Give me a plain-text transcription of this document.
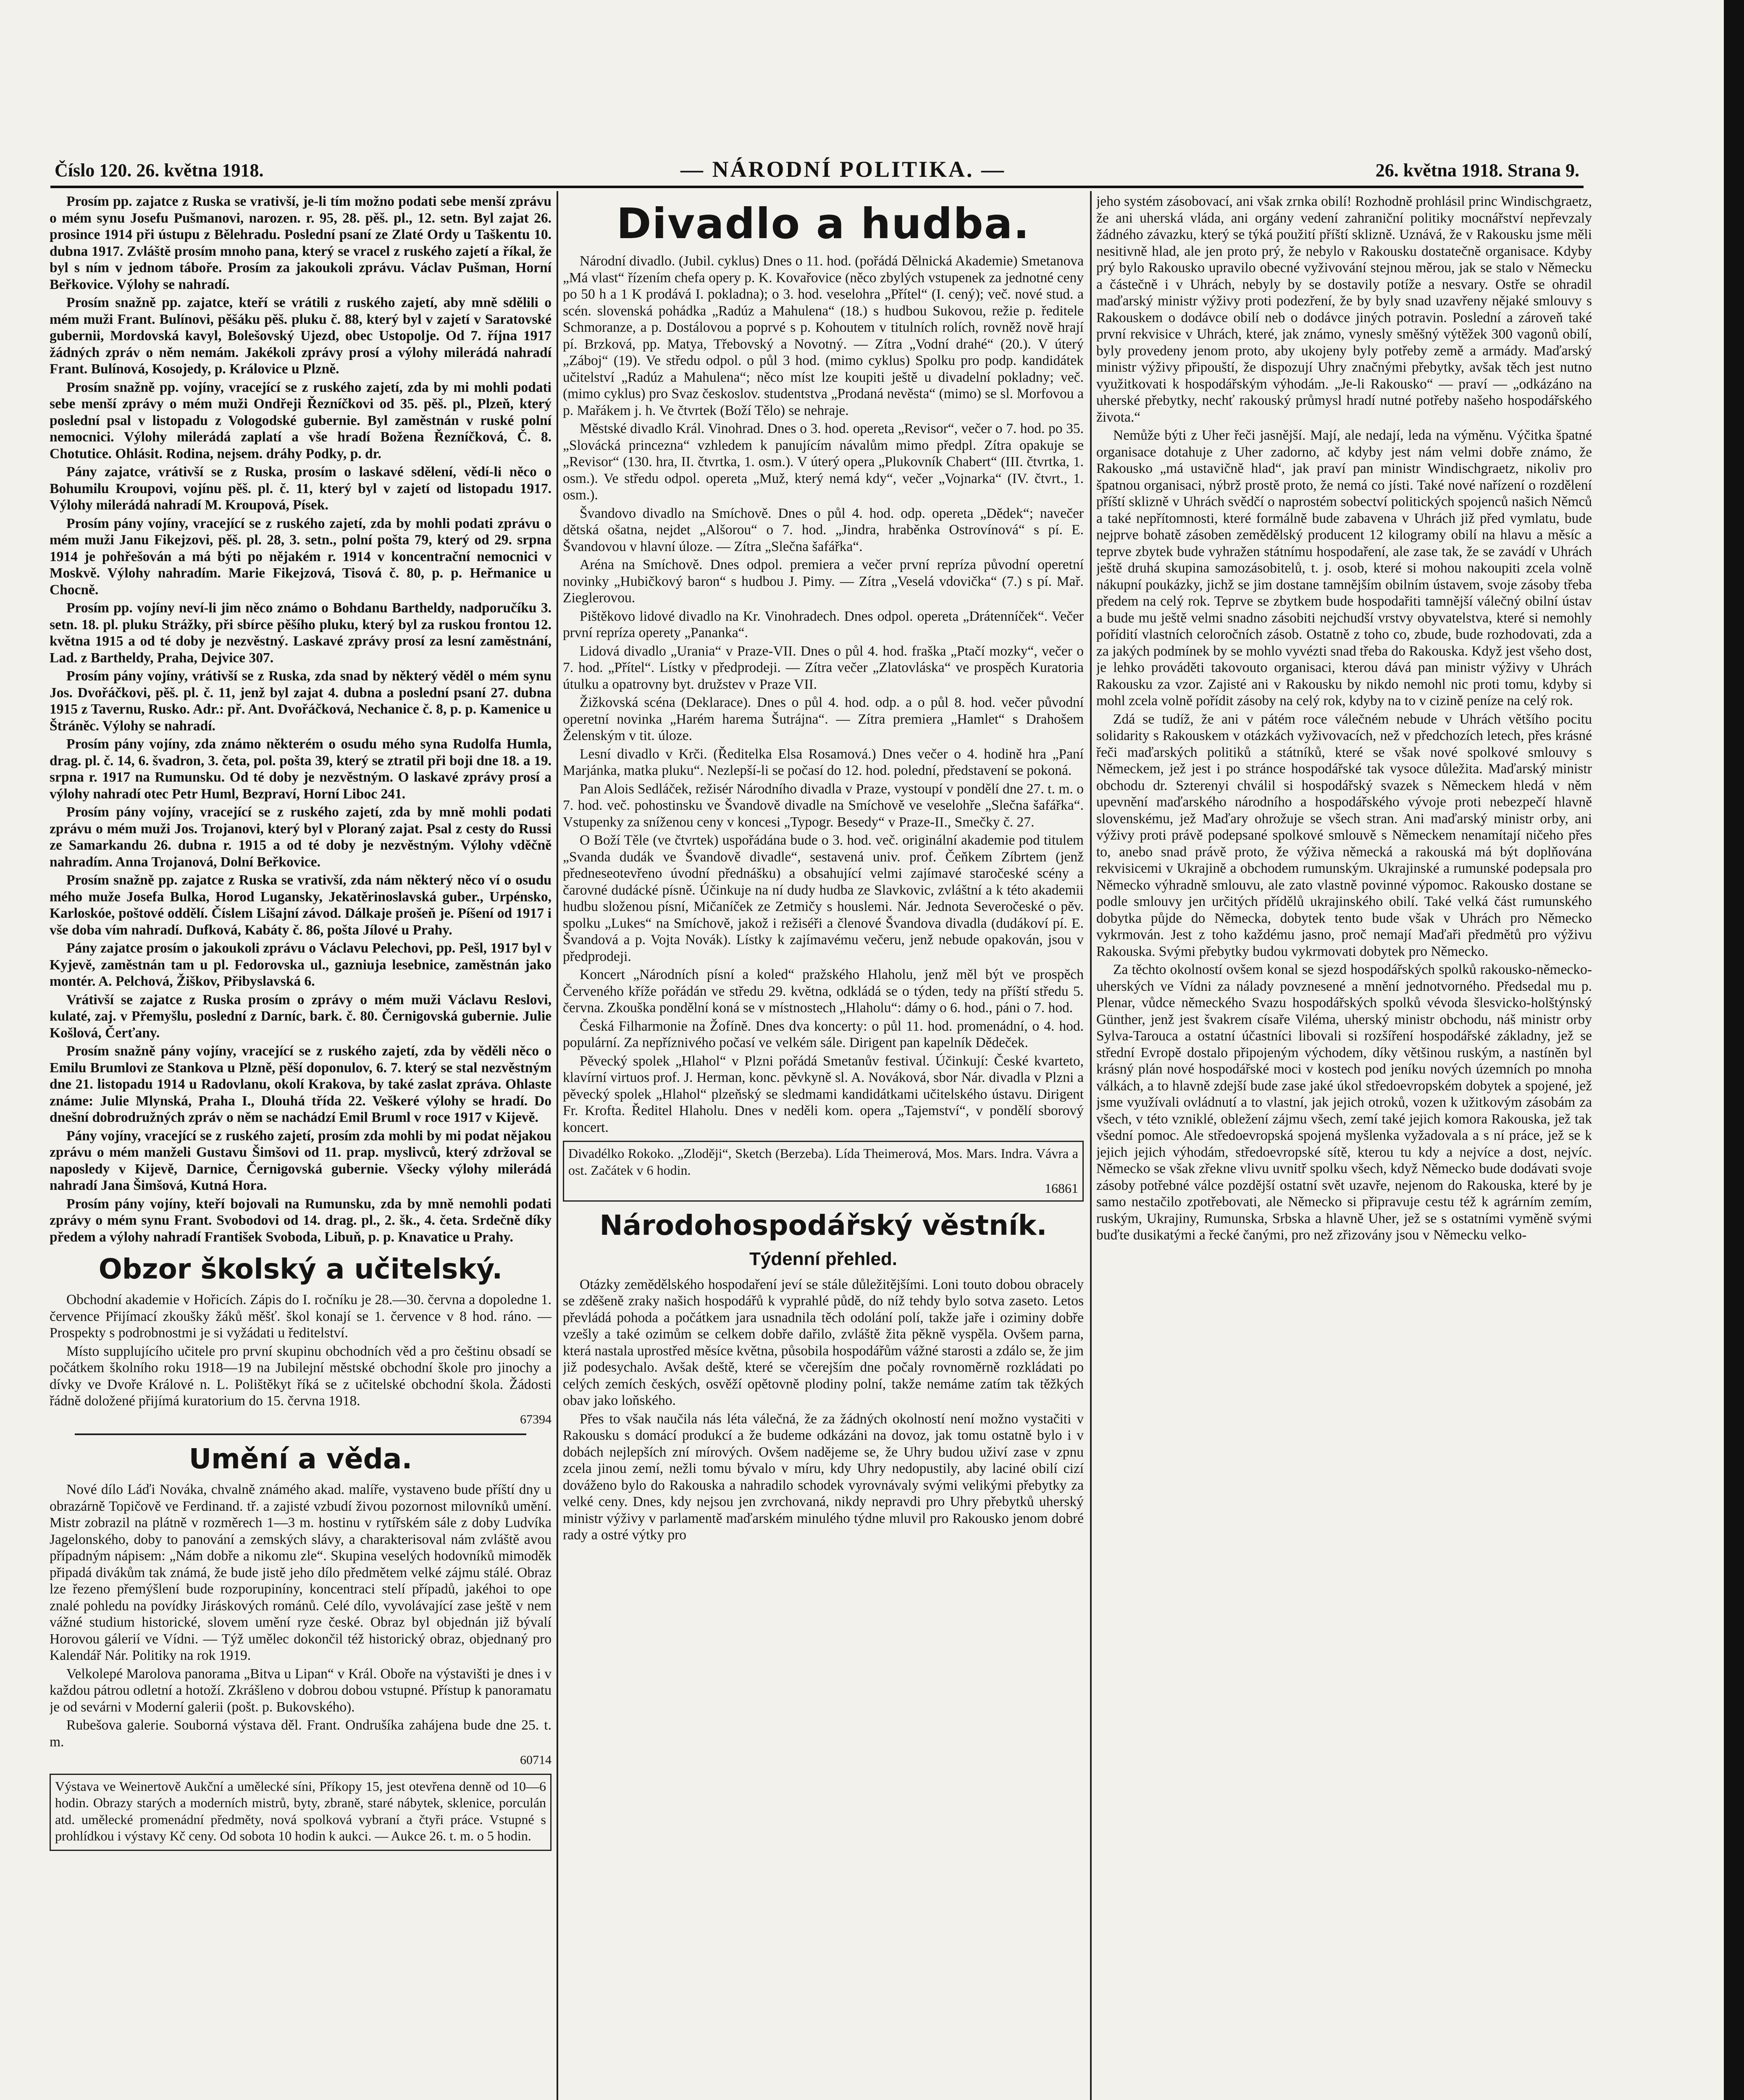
Číslo 120. 26. května 1918.	— NÁRODNÍ POLITIKA. —	26. května 1918. Strana 9.

Prosím pp. zajatce z Ruska se vrativší, je-li tím možno podati sebe menší zprávu o mém synu Josefu Pušmanovi, narozen. r. 95, 28. pěš. pl., 12. setn. Byl zajat 26. prosince 1914 při ústupu z Bělehradu. Poslední psaní ze Zlaté Ordy u Taškentu 10. dubna 1917. Zvláště prosím mnoho pana, který se vracel z ruského zajetí a říkal, že byl s ním v jednom táboře. Prosím za jakoukoli zprávu. Václav Pušman, Horní Beřkovice. Výlohy se nahradí.

Prosím snažně pp. zajatce, kteří se vrátili z ruského zajetí, aby mně sdělili o mém muži Frant. Bulínovi, pěšáku pěš. pluku č. 88, který byl v zajetí v Saratovské gubernii, Mordovská kavyl, Bolešovský Ujezd, obec Ustopolje. Od 7. října 1917 žádných zpráv o něm nemám. Jakékoli zprávy prosí a výlohy milerádá nahradí Frant. Bulínová, Kosojedy, p. Královice u Plzně.

Prosím snažně pp. vojíny, vracející se z ruského zajetí, zda by mi mohli podati sebe menší zprávy o mém muži Ondřeji Řezníčkovi od 35. pěš. pl., Plzeň, který poslední psal v listopadu z Vologodské gubernie. Byl zaměstnán v ruské polní nemocnici. Výlohy milerádá zaplatí a vše hradí Božena Řezníčková, Č. 8. Chotutice. Ohlásit. Rodina, nejsem. dráhy Podky, p. dr.

Pány zajatce, vrátivší se z Ruska, prosím o laskavé sdělení, vědí-li něco o Bohumilu Kroupovi, vojínu pěš. pl. č. 11, který byl v zajetí od listopadu 1917. Výlohy milerádá nahradí M. Kroupová, Písek.

Prosím pány vojíny, vracející se z ruského zajetí, zda by mohli podati zprávu o mém muži Janu Fikejzovi, pěš. pl. 28, 3. setn., polní pošta 79, který od 29. srpna 1914 je pohřešován a má býti po nějakém r. 1914 v koncentrační nemocnici v Moskvě. Výlohy nahradím. Marie Fikejzová, Tisová č. 80, p. p. Heřmanice u Chocně.

Prosím pp. vojíny neví-li jim něco známo o Bohdanu Bartheldy, nadporučíku 3. setn. 18. pl. pluku Strážky, při sbírce pěšího pluku, který byl za ruskou frontou 12. května 1915 a od té doby je nezvěstný. Laskavé zprávy prosí za lesní zaměstnání, Lad. z Bartheldy, Praha, Dejvice 307.

Prosím pány vojíny, vrátivší se z Ruska, zda snad by některý věděl o mém synu Jos. Dvořáčkovi, pěš. pl. č. 11, jenž byl zajat 4. dubna a poslední psaní 27. dubna 1915 z Tavernu, Rusko. Adr.: př. Ant. Dvořáčková, Nechanice č. 8, p. p. Kamenice u Štráněc. Výlohy se nahradí.

Prosím pány vojíny, zda známo některém o osudu mého syna Rudolfa Humla, drag. pl. č. 14, 6. švadron, 3. četa, pol. pošta 39, který se ztratil při boji dne 18. a 19. srpna r. 1917 na Rumunsku. Od té doby je nezvěstným. O laskavé zprávy prosí a výlohy nahradí otec Petr Huml, Bezpraví, Horní Liboc 241.

Prosím pány vojíny, vracející se z ruského zajetí, zda by mně mohli podati zprávu o mém muži Jos. Trojanovi, který byl v Ploraný zajat. Psal z cesty do Russi ze Samarkandu 26. dubna r. 1915 a od té doby je nezvěstným. Výlohy vděčně nahradím. Anna Trojanová, Dolní Beřkovice.

Prosím snažně pp. zajatce z Ruska se vrativší, zda nám některý něco ví o osudu mého muže Josefa Bulka, Horod Lugansky, Jekatěrinoslavská guber., Urpénsko, Karloskóe, poštové oddělí. Číslem Lišajní závod. Dálkaje prošeň je. Píšení od 1917 i vše doba vím nahradí. Dufková, Kabáty č. 86, pošta Jílové u Prahy.

Pány zajatce prosím o jakoukoli zprávu o Václavu Pelechovi, pp. Pešl, 1917 byl v Kyjevě, zaměstnán tam u pl. Fedorovska ul., gazniuja lesebnice, zaměstnán jako montér. A. Pelchová, Žiškov, Přibyslavská 6.

Vrátivší se zajatce z Ruska prosím o zprávy o mém muži Václavu Reslovi, kulaté, zaj. v Přemyšlu, poslední z Darníc, bark. č. 80. Černigovská gubernie. Julie Košlová, Čerťany.

Prosím snažně pány vojíny, vracející se z ruského zajetí, zda by věděli něco o Emilu Brumlovi ze Stankova u Plzně, pěší doponulov, 6. 7. který se stal nezvěstným dne 21. listopadu 1914 u Radovlanu, okolí Krakova, by také zaslat zpráva. Ohlaste známe: Julie Mlynská, Praha I., Dlouhá třída 22. Veškeré výlohy se hradí. Do dnešní dobrodružných zpráv o něm se nachádzí Emil Bruml v roce 1917 v Kijevě.

Pány vojíny, vracející se z ruského zajetí, prosím zda mohli by mi podat nějakou zprávu o mém manželi Gustavu Šimšovi od 11. prap. myslivců, který zdržoval se naposledy v Kijevě, Darnice, Černigovská gubernie. Všecky výlohy milerádá nahradí Jana Šimšová, Kutná Hora.

Prosím pány vojíny, kteří bojovali na Rumunsku, zda by mně nemohli podati zprávy o mém synu Frant. Svobodovi od 14. drag. pl., 2. šk., 4. četa. Srdečně díky předem a výlohy nahradí František Svoboda, Libuň, p. p. Knavatice u Prahy.

Obzor školský a učitelský.

Obchodní akademie v Hořicích. Zápis do I. ročníku je 28.—30. června a dopoledne 1. července Přijímací zkoušky žáků měšť. škol konají se 1. července v 8 hod. ráno. — Prospekty s podrobnostmi je si vyžádati u ředitelství.

Místo supplujícího učitele pro první skupinu obchodních věd a pro češtinu obsadí se počátkem školního roku 1918—19 na Jubilejní městské obchodní škole pro jinochy a dívky ve Dvoře Králové n. L. Polištěkyt říká se z učitelské obchodní škola. Žádosti řádně doložené přijímá kuratorium do 15. června 1918.

67394

Umění a věda.

Nové dílo Láďi Nováka, chvalně známého akad. malíře, vystaveno bude příští dny u obrazárně Topičově ve Ferdinand. tř. a zajisté vzbudí živou pozornost milovníků umění. Mistr zobrazil na plátně v rozměrech 1—3 m. hostinu v rytířském sále z doby Ludvíka Jagelonského, doby to panování a zemských slávy, a charakterisoval nám zvláště avou případným nápisem: „Nám dobře a nikomu zle“. Skupina veselých hodovníků mimoděk připadá divákům tak známá, že bude jistě jeho dílo předmětem velké zájmu stálé. Obraz lze řezeno přemýšlení bude rozporupiníny, koncentraci stelí případů, jakéhoi to ope znalé pohledu na povídky Jiráskových románů. Celé dílo, vyvolávající zase ještě v nem vážné studium historické, slovem umění ryze české. Obraz byl objednán již bývalí Horovou gálerií ve Vídni. — Týž umělec dokončil též historický obraz, objednaný pro Kalendář Nár. Politiky na rok 1919.

Velkolepé Marolova panorama „Bitva u Lipan“ v Král. Oboře na výstavišti je dnes i v každou pátrou odletní a hotoží. Zkrášleno v dobrou dobou vstupné. Přístup k panoramatu je od sevárni v Moderní galerii (pošt. p. Bukovského).

Rubešova galerie. Souborná výstava děl. Frant. Ondrušíka zahájena bude dne 25. t. m.

60714

Výstava ve Weinertově Aukční a umělecké síni, Příkopy 15, jest otevřena denně od 10—6 hodin. Obrazy starých a moderních mistrů, byty, zbraně, staré nábytek, sklenice, porculán atd. umělecké promenádní předměty, nová spolková vybraní a čtyři práce. Vstupné s prohlídkou i výstavy Kč ceny. Od sobota 10 hodin k aukci. — Aukce 26. t. m. o 5 hodin.

Divadlo a hudba.

Národní divadlo. (Jubil. cyklus) Dnes o 11. hod. (pořádá Dělnická Akademie) Smetanova „Má vlast“ řízením chefa opery p. K. Kovařovice (něco zbylých vstupenek za jednotné ceny po 50 h a 1 K prodává I. pokladna); o 3. hod. veselohra „Přítel“ (I. cený); več. nové stud. a scén. slovenská pohádka „Radúz a Mahulena“ (18.) s hudbou Sukovou, režie p. ředitele Schmoranze, a p. Dostálovou a poprvé s p. Kohoutem v titulních rolích, rovněž nově hrají pí. Brzková, pp. Matya, Třebovský a Novotný. — Zítra „Vodní drahé“ (20.). V úterý „Záboj“ (19). Ve středu odpol. o půl 3 hod. (mimo cyklus) Spolku pro podp. kandidátek učitelství „Radúz a Mahulena“; něco míst lze koupiti ještě u divadelní pokladny; več. (mimo cyklus) pro Svaz českoslov. studentstva „Prodaná nevěsta“ (mimo) se sl. Morfovou a p. Mařákem j. h. Ve čtvrtek (Boží Tělo) se nehraje.

Městské divadlo Král. Vinohrad. Dnes o 3. hod. opereta „Revisor“, večer o 7. hod. po 35. „Slovácká princezna“ vzhledem k panujícím návalům mimo předpl. Zítra opakuje se „Revisor“ (130. hra, II. čtvrtka, 1. osm.). V úterý opera „Plukovník Chabert“ (III. čtvrtka, 1. osm.). Ve středu odpol. opereta „Muž, který nemá kdy“, večer „Vojnarka“ (IV. čtvrt., 1. osm.).

Švandovo divadlo na Smíchově. Dnes o půl 4. hod. odp. opereta „Dědek“; navečer dětská ošatna, nejdet „Alšorou“ o 7. hod. „Jindra, hraběnka Ostrovínová“ s pí. E. Švandovou v hlavní úloze. — Zítra „Slečna šafářka“.

Aréna na Smíchově. Dnes odpol. premiera a večer první repríza původní operetní novinky „Hubičkový baron“ s hudbou J. Pimy. — Zítra „Veselá vdovička“ (7.) s pí. Mař. Zieglerovou.

Pištěkovo lidové divadlo na Kr. Vinohradech. Dnes odpol. opereta „Drátenníček“. Večer první repríza operety „Pananka“.

Lidová divadlo „Urania“ v Praze-VII. Dnes o půl 4. hod. fraška „Ptačí mozky“, večer o 7. hod. „Přítel“. Lístky v předprodeji. — Zítra večer „Zlatovláska“ ve prospěch Kuratoria útulku a opatrovny byt. družstev v Praze VII.

Žižkovská scéna (Deklarace). Dnes o půl 4. hod. odp. a o půl 8. hod. večer původní operetní novinka „Harém harema Šutrájna“. — Zítra premiera „Hamlet“ s Drahošem Želenským v tit. úloze.

Lesní divadlo v Krči. (Ředitelka Elsa Rosamová.) Dnes večer o 4. hodině hra „Paní Marjánka, matka pluku“. Nezlepší-li se počasí do 12. hod. polední, představení se pokoná.

Pan Alois Sedláček, režisér Národního divadla v Praze, vystoupí v pondělí dne 27. t. m. o 7. hod. več. pohostinsku ve Švandově divadle na Smíchově ve veselohře „Slečna šafářka“. Vstupenky za sníženou ceny v koncesi „Typogr. Besedy“ v Praze-II., Smečky č. 27.

O Boží Těle (ve čtvrtek) uspořádána bude o 3. hod. več. originální akademie pod titulem „Svanda dudák ve Švandově divadle“, sestavená univ. prof. Čeňkem Zíbrtem (jenž předneseotevřeno úvodní přednášku) a obsahující velmi zajímavé staročeské scény a čarovné dudácké písně. Účinkuje na ní dudy hudba ze Slavkovic, zvláštní a k této akademii hudbu složenou písní, Mičaníček ze Zetmičy s houslemi. Nár. Jednota Severočeské o pěv. spolku „Lukes“ na Smíchově, jakož i režiséři a členové Švandova divadla (dudákoví pí. E. Švandová a p. Vojta Novák). Lístky k zajímavému večeru, jenž nebude opakován, jsou v předprodeji.

Koncert „Národních písní a koled“ pražského Hlaholu, jenž měl být ve prospěch Červeného kříže pořádán ve středu 29. května, odkládá se o týden, tedy na příští středu 5. června. Zkouška pondělní koná se v místnostech „Hlaholu“: dámy o 6. hod., páni o 7. hod.

Česká Filharmonie na Žofíně. Dnes dva koncerty: o půl 11. hod. promenádní, o 4. hod. populární. Za nepříznivého počasí ve velkém sále. Dirigent pan kapelník Dědeček.

Pěvecký spolek „Hlahol“ v Plzni pořádá Smetanův festival. Účinkují: České kvarteto, klavírní virtuos prof. J. Herman, konc. pěvkyně sl. A. Nováková, sbor Nár. divadla v Plzni a pěvecký spolek „Hlahol“ plzeňský se sledmami kandidátkami učitelského ústavu. Dirigent Fr. Krofta. Ředitel Hlaholu. Dnes v neděli kom. opera „Tajemství“, v pondělí sborový koncert.

Divadélko Rokoko. „Zloději“, Sketch (Berzeba). Lída Theimerová, Mos. Mars. Indra. Vávra a ost. Začátek v 6 hodin.

16861

Národohospodářský věstník.
Týdenní přehled.

Otázky zemědělského hospodaření jeví se stále důležitějšími. Loni touto dobou obracely se zděšeně zraky našich hospodářů k vyprahlé půdě, do níž tehdy bylo sotva zaseto. Letos převládá pohoda a počátkem jara usnadnila těch odolání polí, takže jaře i oziminy dobře vzešly a také ozimům se celkem dobře dařilo, zvláště žita pěkně vyspěla. Ovšem parna, která nastala uprostřed měsíce května, působila hospodářům vážné starosti a zdálo se, že jim již podesychalo. Avšak deště, které se včerejším dne počaly rovnoměrně rozkládati po celých zemích českých, osvěží opětovně plodiny polní, takže nemáme zatím tak těžkých obav jako loňského.

Přes to však naučila nás léta válečná, že za žádných okolností není možno vystačiti v Rakousku s domácí produkcí a že budeme odkázáni na dovoz, jak tomu ostatně bylo i v dobách nejlepších zní mírových. Ovšem nadějeme se, že Uhry budou uživí zase v zpnu zcela jinou zemí, nežli tomu bývalo v míru, kdy Uhry nedopustily, aby laciné obilí cizí dováženo bylo do Rakouska a nahradilo schodek vyrovnávaly svými velikými přebytky za velké ceny. Dnes, kdy nejsou jen zvrchovaná, nikdy nepravdi pro Uhry přebytků uherský ministr výživy v parlamentě maďarském minulého týdne mluvil pro Rakousko jenom dobré rady a ostré výtky pro

jeho systém zásobovací, ani však zrnka obilí! Rozhodně prohlásil princ Windischgraetz, že ani uherská vláda, ani orgány vedení zahraniční politiky mocnářství nepřevzaly žádného závazku, který se týká použití příští sklizně. Uznává, že v Rakousku jsme měli nesitivně hlad, ale jen proto prý, že nebylo v Rakousku dostatečně organisace. Kdyby prý bylo Rakousko upravilo obecné vyživování stejnou měrou, jak se stalo v Německu a částečně i v Uhrách, nebyly by se dostavily potíže a nesvary. Ostře se ohradil maďarský ministr výživy proti podezření, že by byly snad uzavřeny nějaké smlouvy s Rakouskem o dodávce obilí neb o dodávce jiných potravin. Poslední a zároveň také první rekvisice v Uhrách, které, jak známo, vynesly směšný výtěžek 300 vagonů obilí, byly provedeny jenom proto, aby ukojeny byly potřeby země a armády. Maďarský ministr výživy připouští, že dispozují Uhry značnými přebytky, avšak těch jest nutno využitkovati k hospodářským výhodám. „Je-li Rakousko“ — praví — „odkázáno na uherské přebytky, nechť rakouský průmysl hradí nutné potřeby našeho hospodářského života.“

Nemůže býti z Uher řeči jasnější. Mají, ale nedají, leda na výměnu. Výčitka špatné organisace dotahuje z Uher zadorno, ač kdyby jest nám velmi dobře známo, že Rakousko „má ustavičně hlad“, jak praví pan ministr Windischgraetz, nikoliv pro špatnou organisaci, nýbrž prostě proto, že nemá co jísti. Také nové nařízení o rozdělení příští sklizně v Uhrách svědčí o naprostém sobectví politických spojenců našich Němců a také nepřítomnosti, které formálně bude zabavena v Uhrách již před vymlatu, bude nejprve bohatě zásoben zemědělský producent 12 kilogramy obilí na hlavu a měsíc a teprve zbytek bude vyhražen státnímu hospodaření, ale zase tak, že se zavádí v Uhrách ještě druhá skupina samozásobitelů, t. j. osob, které si mohou nakoupiti zcela volně nákupní poukázky, jichž se jim dostane tamnějším obilním ústavem, svoje zásoby třeba předem na celý rok. Teprve se zbytkem bude hospodařiti tamnější válečný obilní ústav a bude mu ještě velmi snadno zásobiti nejchudší vrstvy obyvatelstva, které si nemohly pořídití vlastních celoročních zásob. Ostatně z toho co, zbude, bude rozhodovati, zda a za jakých podmínek by se mohlo vyvézti snad třeba do Rakouska. Když jest všeho dost, je lehko prováděti takovouto organisaci, kterou dává pan ministr výživy v Uhrách Rakousku za vzor. Zajisté ani v Rakousku by nikdo nemohl nic proti tomu, kdyby si mohl zcela volně pořídit zásoby na celý rok, kdyby na to v cizině peníze na celý rok.

Zdá se tudíž, že ani v pátém roce válečném nebude v Uhrách většího pocitu solidarity s Rakouskem v otázkách vyživovacích, než v předchozích letech, přes krásné řeči maďarských politiků a státníků, které se však nové spolkové smlouvy s Německem, jež jest i po stránce hospodářské tak vysoce důležita. Maďarský ministr obchodu dr. Szterenyi chválil si hospodářský svazek s Německem hledá v něm upevnění maďarského národního a hospodářského vývoje proti nebezpečí hlavně slovenskému, jež Maďary ohrožuje se všech stran. Ani maďarský ministr orby, ani výživy proti právě podepsané spolkové smlouvě s Německem nenamítají ničeho přes to, anebo snad právě proto, že výživa německá a rakouská má být doplňována rekvisicemi v Ukrajině a obchodem rumunským. Ukrajinské a rumunské podepsala pro Německo výhradně smlouvu, ale zato vlastně povinné výpomoc. Rakousko dostane se podle smlouvy jen určitých přídělů ukrajinského obilí. Také velká část rumunského dobytka půjde do Německa, dobytek tento bude však v Uhrách pro Německo vykrmován. Jest z toho každému jasno, proč nemají Maďaři předmětů pro výživu Rakouska. Svými přebytky budou vykrmovati dobytek pro Německo.

Za těchto okolností ovšem konal se sjezd hospodářských spolků rakousko-německo-uherských ve Vídni za nálady povznesené a mnění jednotvorného. Předsedal mu p. Plenar, vůdce německého Svazu hospodářských spolků vévoda šlesvicko-holštýnský Günther, jenž jest švakrem císaře Viléma, uherský ministr obchodu, náš ministr orby Sylva-Tarouca a ostatní účastníci libovali si rozšíření hospodářské základny, jež se střední Evropě dostalo připojeným východem, díky většinou ruským, a nastíněn byl krásný plán nové hospodářské moci v kostech pod jeníku nových územních po mnoha válkách, a to hlavně zdejší bude zase jaké úkol středoevropském dobytek a spojené, jež jsme využívali ovládnutí a to vlastní, jak jejich otroků, vozen k užitkovým zásobám za všech, v této vzniklé, obležení zájmu všech, zemí také jejich komora Rakouska, jež tak všední pomoc. Ale středoevropská spojená myšlenka vyžadovala a s ní práce, jež se k jejich jejich výhodám, středoevropské sítě, kterou tu kdy a nejvíce a dost, nejvíc. Německo se však zřekne vlivu uvnitř spolku všech, když Německo bude dodávati svoje zásoby potřebné válce pozdější ostatní svět uzavře, nejenom do Rakouska, které by je samo nestačilo zpotřebovati, ale Německo si připravuje cestu též k agrárním zemím, ruským, Ukrajiny, Rumunska, Srbska a hlavně Uher, jež se s ostatními vyměně svými buďte dusikatými a řecké čanými, pro než zřizovány jsou v Německu velko-
